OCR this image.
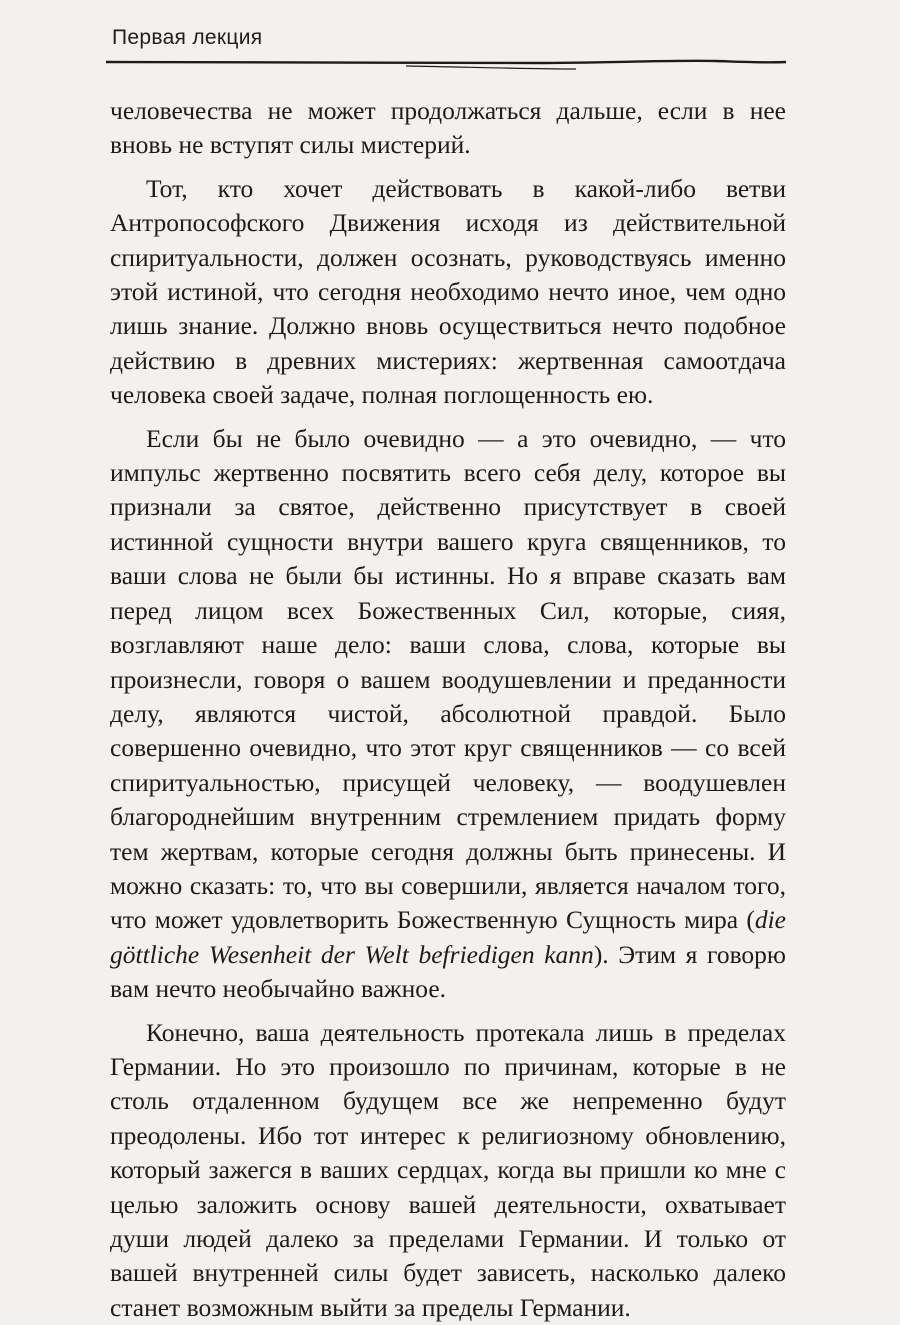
Первая лекция

человечества не может продолжаться дальше, если в нее вновь не вступят силы мистерий.

Тот, кто хочет действовать в какой-либо ветви Антропософского Движения исходя из действительной спиритуальности, должен осознать, руководствуясь именно этой истиной, что сегодня необходимо нечто иное, чем одно лишь знание. Должно вновь осуществиться нечто подобное действию в древних мистериях: жертвенная самоотдача человека своей задаче, полная поглощенность ею.

Если бы не было очевидно — а это очевидно, — что импульс жертвенно посвятить всего себя делу, которое вы признали за святое, действенно присутствует в своей истинной сущности внутри вашего круга священников, то ваши слова не были бы истинны. Но я вправе сказать вам перед лицом всех Божественных Сил, которые, сияя, возглавляют наше дело: ваши слова, слова, которые вы произнесли, говоря о вашем воодушевлении и преданности делу, являются чистой, абсолютной правдой. Было совершенно очевидно, что этот круг священников — со всей спиритуальностью, присущей человеку, — воодушевлен благороднейшим внутренним стремлением придать форму тем жертвам, которые сегодня должны быть принесены. И можно сказать: то, что вы совершили, является началом того, что может удовлетворить Божественную Сущность мира (die göttliche Wesenheit der Welt befriedigen kann). Этим я говорю вам нечто необычайно важное.

Конечно, ваша деятельность протекала лишь в пределах Германии. Но это произошло по причинам, которые в не столь отдаленном будущем все же непременно будут преодолены. Ибо тот интерес к религиозному обновлению, который зажегся в ваших сердцах, когда вы пришли ко мне с целью заложить основу вашей деятельности, охватывает души людей далеко за пределами Германии. И только от вашей внутренней силы будет зависеть, насколько далеко станет возможным выйти за пределы Германии.
